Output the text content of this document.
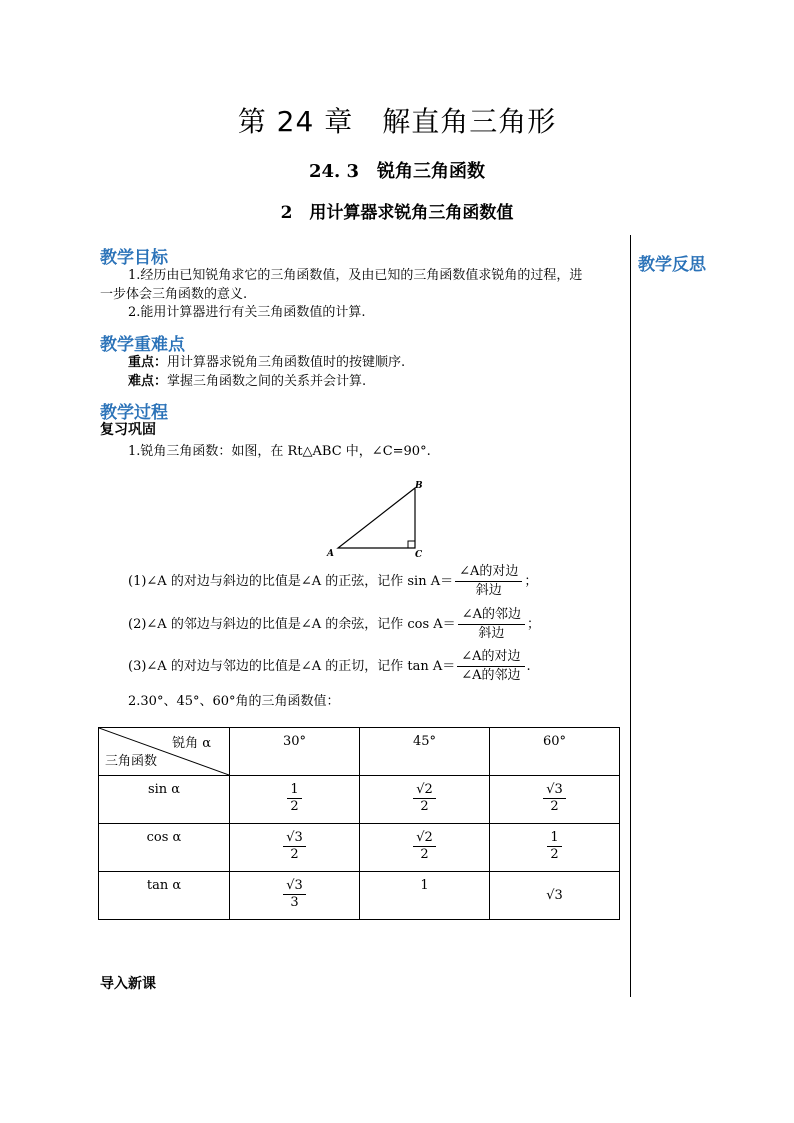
第 24 章　解直角三角形
24. 3　锐角三角函数
2　用计算器求锐角三角函数值
教学反思
教学目标
1.经历由已知锐角求它的三角函数值，及由已知的三角函数值求锐角的过程，进
一步体会三角函数的意义.
2.能用计算器进行有关三角函数值的计算.
教学重难点
重点：用计算器求锐角三角函数值时的按键顺序.
难点：掌握三角函数之间的关系并会计算.
教学过程
复习巩固
1.锐角三角函数：如图，在 Rt△ABC 中，∠C=90°.
A
B
C
(1)∠A 的对边与斜边的比值是∠A 的正弦，记作 $\sin A= \frac{\text{∠A的对边}}{\text{斜边}}$ ；
(2)∠A 的邻边与斜边的比值是∠A 的余弦，记作 $\cos A= \frac{\text{∠A的邻边}}{\text{斜边}}$ ；
(3)∠A 的对边与邻边的比值是∠A 的正切，记作 $\tan A= \frac{\text{∠A的对边}}{\text{∠A的邻边}}$ .
2.30°、45°、60°角的三角函数值：
锐角 α
三角函数	30°	45°	60°

sin α	$\frac{1}{2}$	$\frac{√2}{2}$	$\frac{√3}{2}$

cos α	$\frac{√3}{2}$	$\frac{√2}{2}$	$\frac{1}{2}$

tan α	$\frac{√3}{3}$	1	√3
导入新课
